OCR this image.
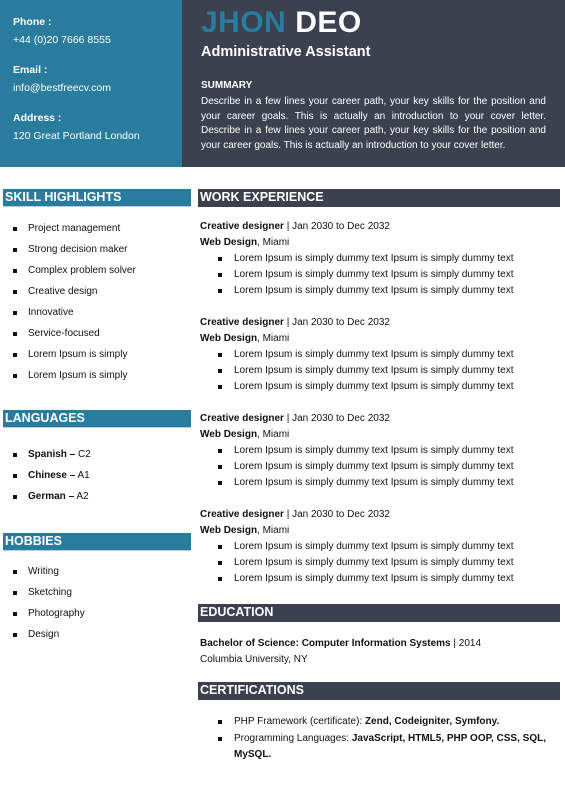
Phone :
+44 (0)20 7666 8555
Email :
info@bestfreecv.com
Address :
120 Great Portland London
JHON DEO
Administrative Assistant
SUMMARY
Describe in a few lines your career path, your key skills for the position and your career goals. This is actually an introduction to your cover letter. Describe in a few lines your career path, your key skills for the position and your career goals. This is actually an introduction to your cover letter.
SKILL HIGHLIGHTS
Project management
Strong decision maker
Complex problem solver
Creative design
Innovative
Service-focused
Lorem Ipsum is simply
Lorem Ipsum is simply
LANGUAGES
Spanish – C2
Chinese – A1
German – A2
HOBBIES
Writing
Sketching
Photography
Design
WORK EXPERIENCE
Creative designer | Jan 2030 to Dec 2032
Web Design, Miami
Lorem Ipsum is simply dummy text Ipsum is simply dummy text
Lorem Ipsum is simply dummy text Ipsum is simply dummy text
Lorem Ipsum is simply dummy text Ipsum is simply dummy text
Creative designer | Jan 2030 to Dec 2032
Web Design, Miami
Lorem Ipsum is simply dummy text Ipsum is simply dummy text
Lorem Ipsum is simply dummy text Ipsum is simply dummy text
Lorem Ipsum is simply dummy text Ipsum is simply dummy text
Creative designer | Jan 2030 to Dec 2032
Web Design, Miami
Lorem Ipsum is simply dummy text Ipsum is simply dummy text
Lorem Ipsum is simply dummy text Ipsum is simply dummy text
Lorem Ipsum is simply dummy text Ipsum is simply dummy text
Creative designer | Jan 2030 to Dec 2032
Web Design, Miami
Lorem Ipsum is simply dummy text Ipsum is simply dummy text
Lorem Ipsum is simply dummy text Ipsum is simply dummy text
Lorem Ipsum is simply dummy text Ipsum is simply dummy text
EDUCATION
Bachelor of Science: Computer Information Systems | 2014
Columbia University, NY
CERTIFICATIONS
PHP Framework (certificate): Zend, Codeigniter, Symfony.
Programming Languages: JavaScript, HTML5, PHP OOP, CSS, SQL, MySQL.
